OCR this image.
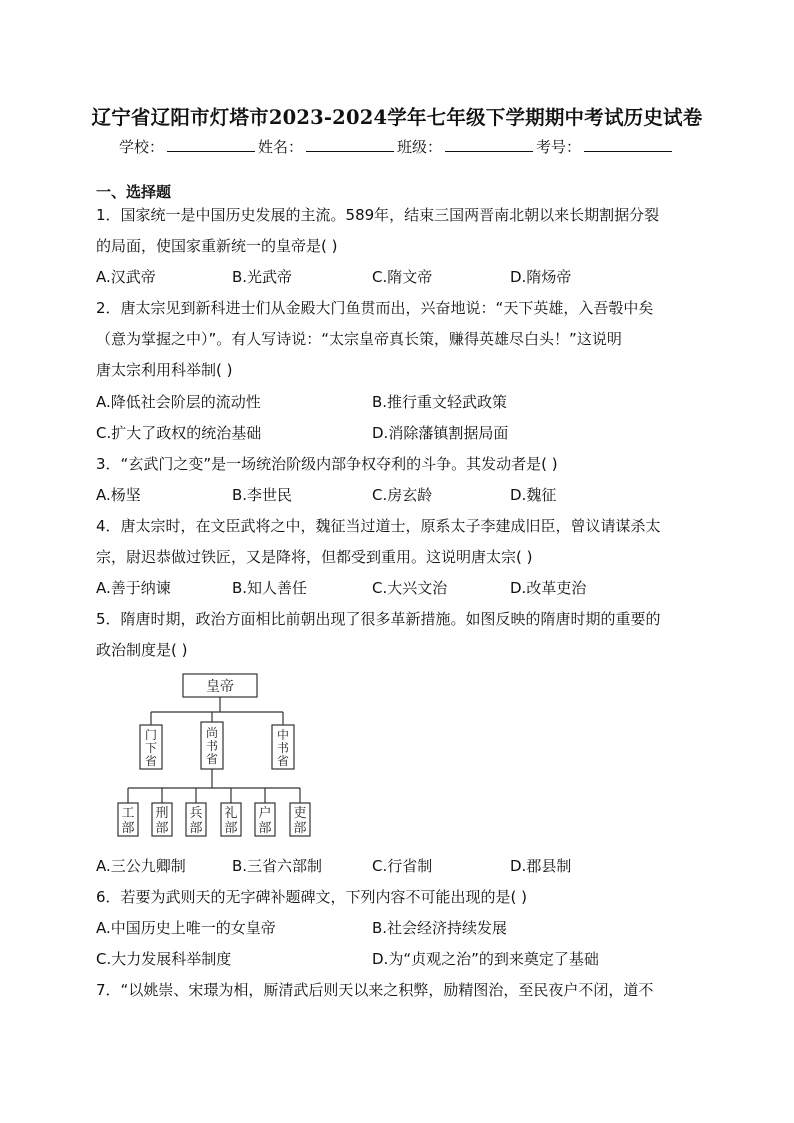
辽宁省辽阳市灯塔市2023-2024学年七年级下学期期中考试历史试卷
学校：	姓名：	班级：	考号：
一、选择题
1．国家统一是中国历史发展的主流。589年，结束三国两晋南北朝以来长期割据分裂
的局面，使国家重新统一的皇帝是( )
A.汉武帝	B.光武帝	C.隋文帝	D.隋炀帝
2．唐太宗见到新科进士们从金殿大门鱼贯而出，兴奋地说：“天下英雄，入吾彀中矣
（意为掌握之中）”。有人写诗说：“太宗皇帝真长策，赚得英雄尽白头！”这说明
唐太宗利用科举制( )
A.降低社会阶层的流动性	B.推行重文轻武政策
C.扩大了政权的统治基础	D.消除藩镇割据局面
3．“玄武门之变”是一场统治阶级内部争权夺利的斗争。其发动者是( )
A.杨坚	B.李世民	C.房玄龄	D.魏征
4．唐太宗时，在文臣武将之中，魏征当过道士，原系太子李建成旧臣，曾议请谋杀太
宗，尉迟恭做过铁匠，又是降将，但都受到重用。这说明唐太宗( )
A.善于纳谏	B.知人善任	C.大兴文治	D.改革吏治
5．隋唐时期，政治方面相比前朝出现了很多革新措施。如图反映的隋唐时期的重要的
政治制度是( )
皇帝
门下省
尚书省
中书省
工部
刑部
兵部
礼部
户部
吏部
A.三公九卿制	B.三省六部制	C.行省制	D.郡县制
6．若要为武则天的无字碑补题碑文，下列内容不可能出现的是( )
A.中国历史上唯一的女皇帝	B.社会经济持续发展
C.大力发展科举制度	D.为“贞观之治”的到来奠定了基础
7．“以姚崇、宋璟为相，厮清武后则天以来之积弊，励精图治，至民夜户不闭，道不
